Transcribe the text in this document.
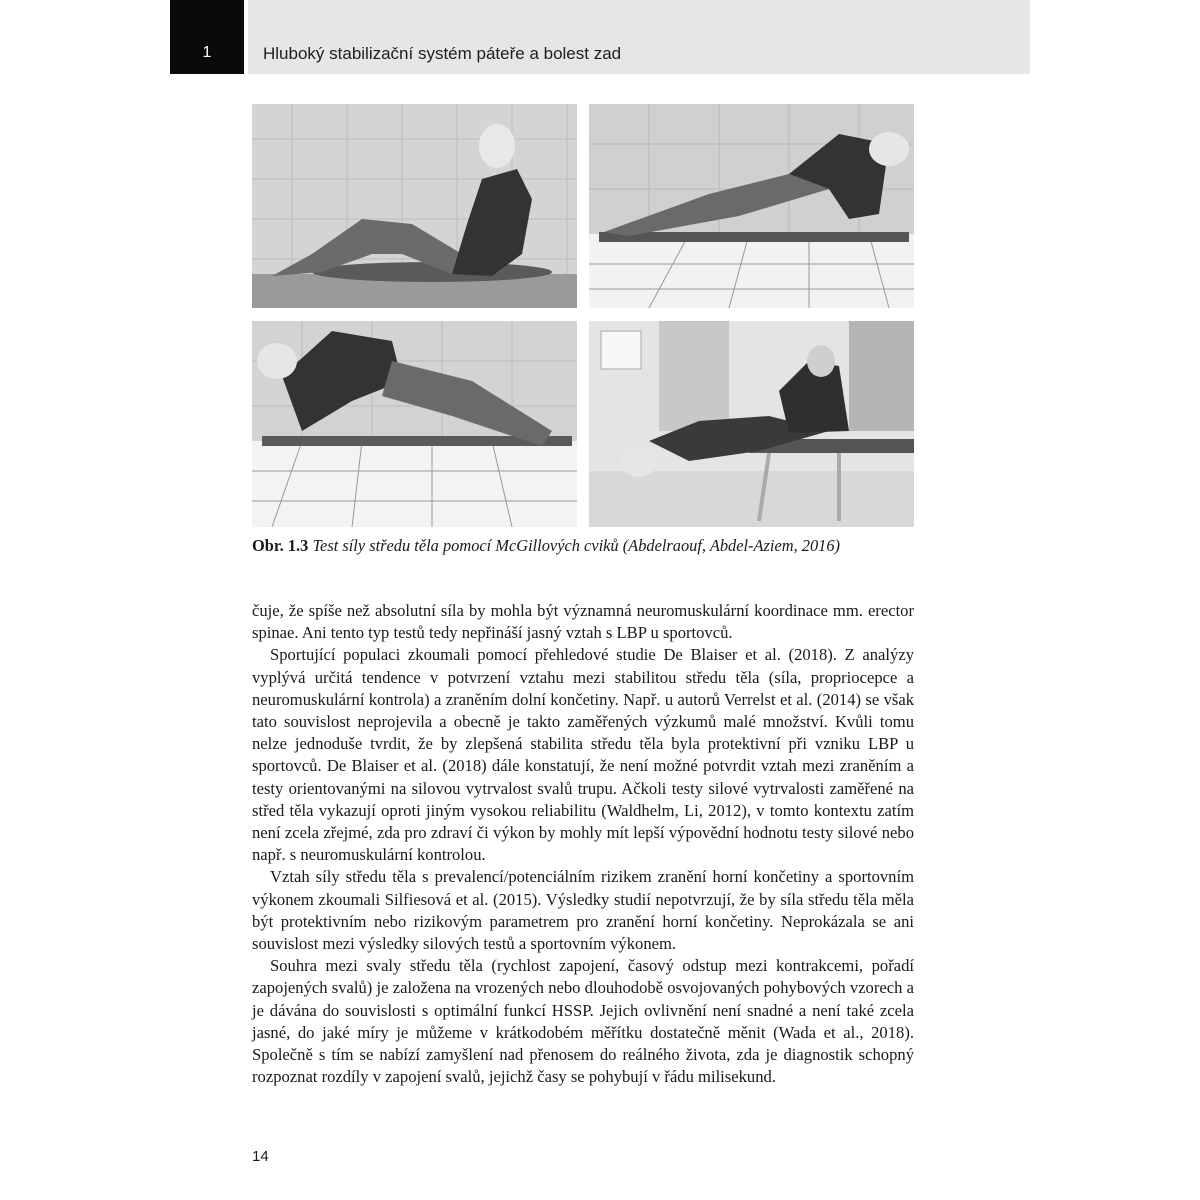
1	Hluboký stabilizační systém páteře a bolest zad
Obr. 1.3 Test síly středu těla pomocí McGillových cviků (Abdelraouf, Abdel-Aziem, 2016)

čuje, že spíše než absolutní síla by mohla být významná neuromuskulární koordinace mm. erector spinae. Ani tento typ testů tedy nepřináší jasný vztah s LBP u sportovců.

Sportující populaci zkoumali pomocí přehledové studie De Blaiser et al. (2018). Z analýzy vyplývá určitá tendence v potvrzení vztahu mezi stabilitou středu těla (síla, propriocepce a neuromuskulární kontrola) a zraněním dolní končetiny. Např. u autorů Verrelst et al. (2014) se však tato souvislost neprojevila a obecně je takto zaměřených výzkumů malé množství. Kvůli tomu nelze jednoduše tvrdit, že by zlepšená stabilita středu těla byla protektivní při vzniku LBP u sportovců. De Blaiser et al. (2018) dále konstatují, že není možné potvrdit vztah mezi zraněním a testy orientovanými na silovou vytrvalost svalů trupu. Ačkoli testy silové vytrvalosti zaměřené na střed těla vykazují oproti jiným vysokou reliabilitu (Waldhelm, Li, 2012), v tomto kontextu zatím není zcela zřejmé, zda pro zdraví či výkon by mohly mít lepší výpovědní hodnotu testy silové nebo např. s neuromuskulární kontrolou.

Vztah síly středu těla s prevalencí/potenciálním rizikem zranění horní končetiny a sportovním výkonem zkoumali Silfiesová et al. (2015). Výsledky studií nepotvrzují, že by síla středu těla měla být protektivním nebo rizikovým parametrem pro zranění horní končetiny. Neprokázala se ani souvislost mezi výsledky silových testů a sportovním výkonem.

Souhra mezi svaly středu těla (rychlost zapojení, časový odstup mezi kontrakcemi, pořadí zapojených svalů) je založena na vrozených nebo dlouhodobě osvojovaných pohybových vzorech a je dávána do souvislosti s optimální funkcí HSSP. Jejich ovlivnění není snadné a není také zcela jasné, do jaké míry je můžeme v krátkodobém měřítku dostatečně měnit (Wada et al., 2018). Společně s tím se nabízí zamyšlení nad přenosem do reálného života, zda je diagnostik schopný rozpoznat rozdíly v zapojení svalů, jejichž časy se pohybují v řádu milisekund.

14
